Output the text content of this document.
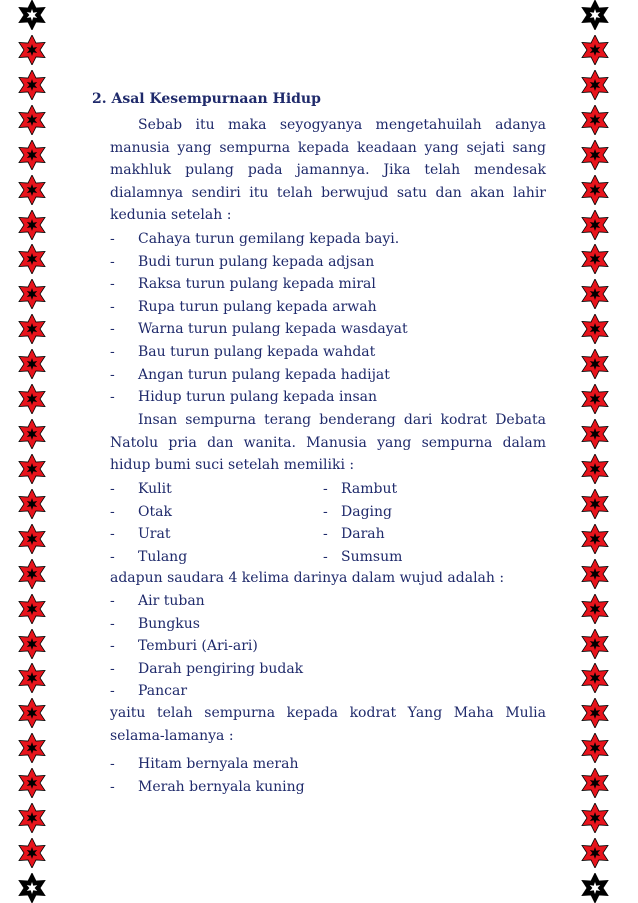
2. Asal Kesempurnaan Hidup
Sebab itu maka seyogyanya mengetahuilah adanya manusia yang sempurna kepada keadaan yang sejati sang makhluk pulang pada jamannya. Jika telah mendesak dialamnya sendiri itu telah berwujud satu dan akan lahir kedunia setelah :
Insan sempurna terang benderang dari kodrat Debata Natolu pria dan wanita. Manusia yang sempurna dalam hidup bumi suci setelah memiliki :
adapun saudara 4 kelima darinya dalam wujud adalah :
yaitu telah sempurna kepada kodrat Yang Maha Mulia selama-lamanya :
- Cahaya turun gemilang kepada bayi.
- Budi turun pulang kepada adjsan
- Raksa turun pulang kepada miral
- Rupa turun pulang kepada arwah
- Warna turun pulang kepada wasdayat
- Bau turun pulang kepada wahdat
- Angan turun pulang kepada hadijat
- Hidup turun pulang kepada insan
- Kulit
- Otak
- Urat
- Tulang
- Rambut
- Daging
- Darah
- Sumsum
- Air tuban
- Bungkus
- Temburi (Ari-ari)
- Darah pengiring budak
- Pancar
- Hitam bernyala merah
- Merah bernyala kuning
